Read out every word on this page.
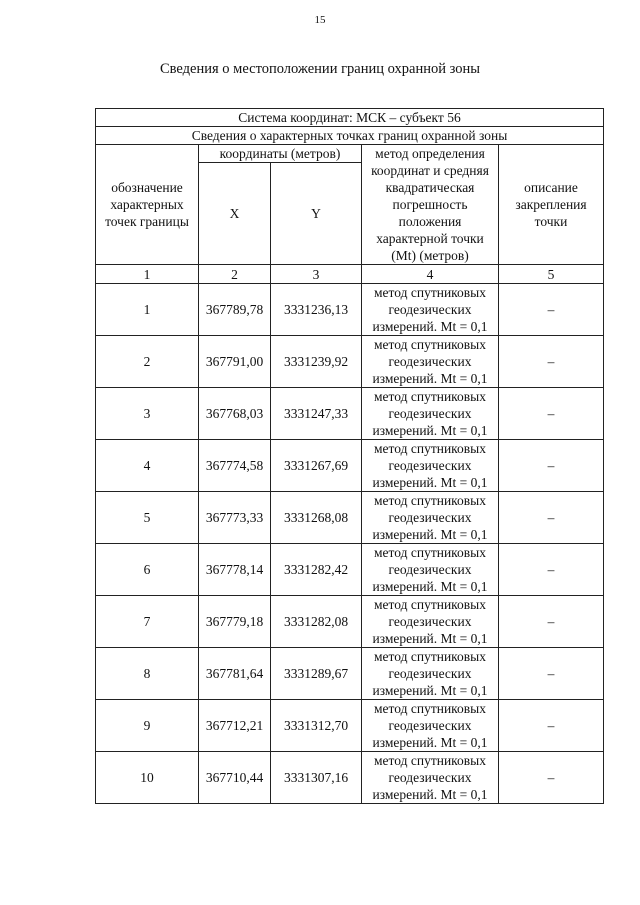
15
Сведения о местоположении границ охранной зоны
Система координат: МСК – субъект 56				
Сведения о характерных точках границ охранной зоны				
обозначение характерных точек границы	координаты (метров)		метод определения координат и средняя квадратическая погрешность положения характерной точки (Mt) (метров)	описание закрепления точки
	X	Y		
1	2	3	4	5
1	367789,78	3331236,13	метод спутниковых геодезических измерений. Mt = 0,1	–
2	367791,00	3331239,92	метод спутниковых геодезических измерений. Mt = 0,1	–
3	367768,03	3331247,33	метод спутниковых геодезических измерений. Mt = 0,1	–
4	367774,58	3331267,69	метод спутниковых геодезических измерений. Mt = 0,1	–
5	367773,33	3331268,08	метод спутниковых геодезических измерений. Mt = 0,1	–
6	367778,14	3331282,42	метод спутниковых геодезических измерений. Mt = 0,1	–
7	367779,18	3331282,08	метод спутниковых геодезических измерений. Mt = 0,1	–
8	367781,64	3331289,67	метод спутниковых геодезических измерений. Mt = 0,1	–
9	367712,21	3331312,70	метод спутниковых геодезических измерений. Mt = 0,1	–
10	367710,44	3331307,16	метод спутниковых геодезических измерений. Mt = 0,1	–
